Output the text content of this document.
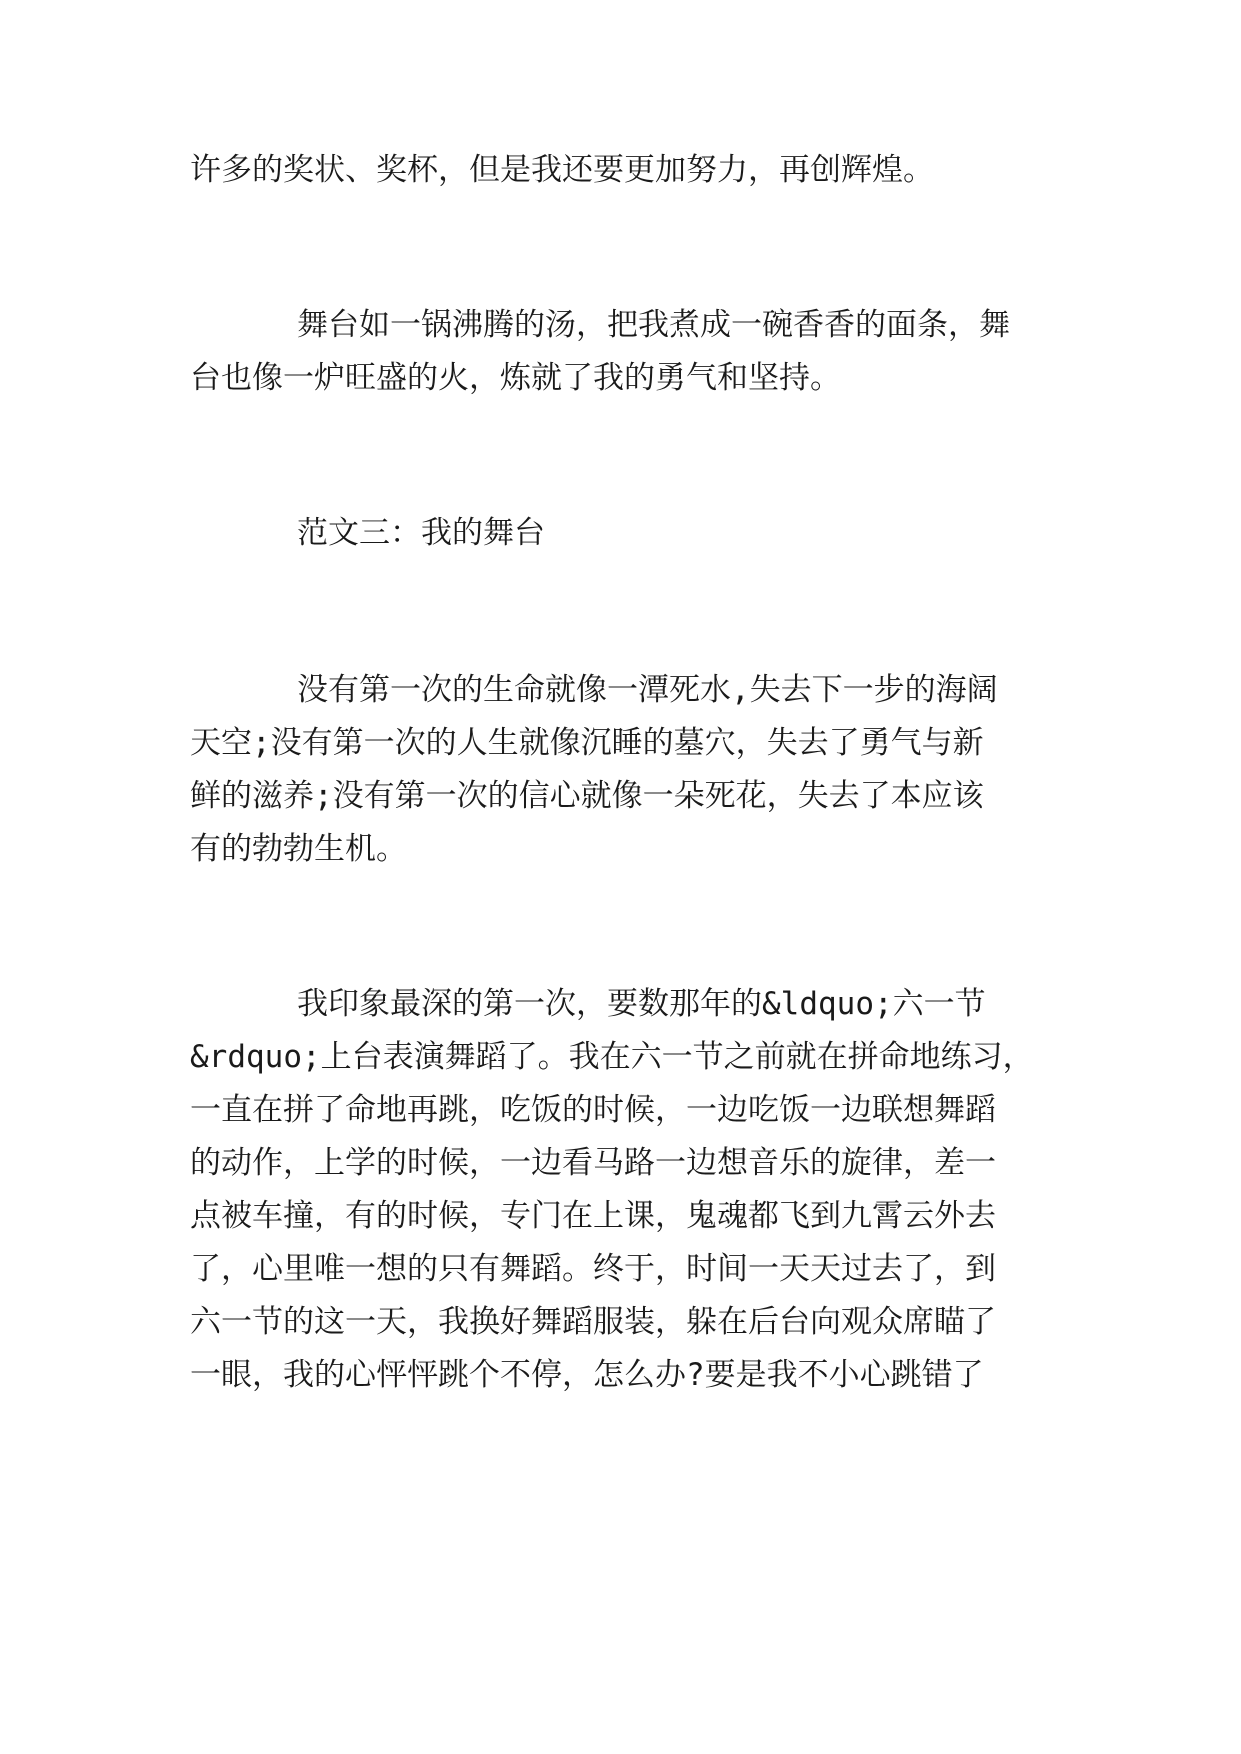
许多的奖状、奖杯，但是我还要更加努力，再创辉煌。

舞台如一锅沸腾的汤，把我煮成一碗香香的面条，舞

台也像一炉旺盛的火，炼就了我的勇气和坚持。

范文三：我的舞台

没有第一次的生命就像一潭死水,失去下一步的海阔

天空;没有第一次的人生就像沉睡的墓穴，失去了勇气与新

鲜的滋养;没有第一次的信心就像一朵死花，失去了本应该

有的勃勃生机。

我印象最深的第一次，要数那年的&ldquo;六一节

&rdquo;上台表演舞蹈了。我在六一节之前就在拼命地练习，

一直在拼了命地再跳，吃饭的时候，一边吃饭一边联想舞蹈

的动作，上学的时候，一边看马路一边想音乐的旋律，差一

点被车撞，有的时候，专门在上课，鬼魂都飞到九霄云外去

了，心里唯一想的只有舞蹈。终于，时间一天天过去了，到

六一节的这一天，我换好舞蹈服装，躲在后台向观众席瞄了

一眼，我的心怦怦跳个不停，怎么办?要是我不小心跳错了
